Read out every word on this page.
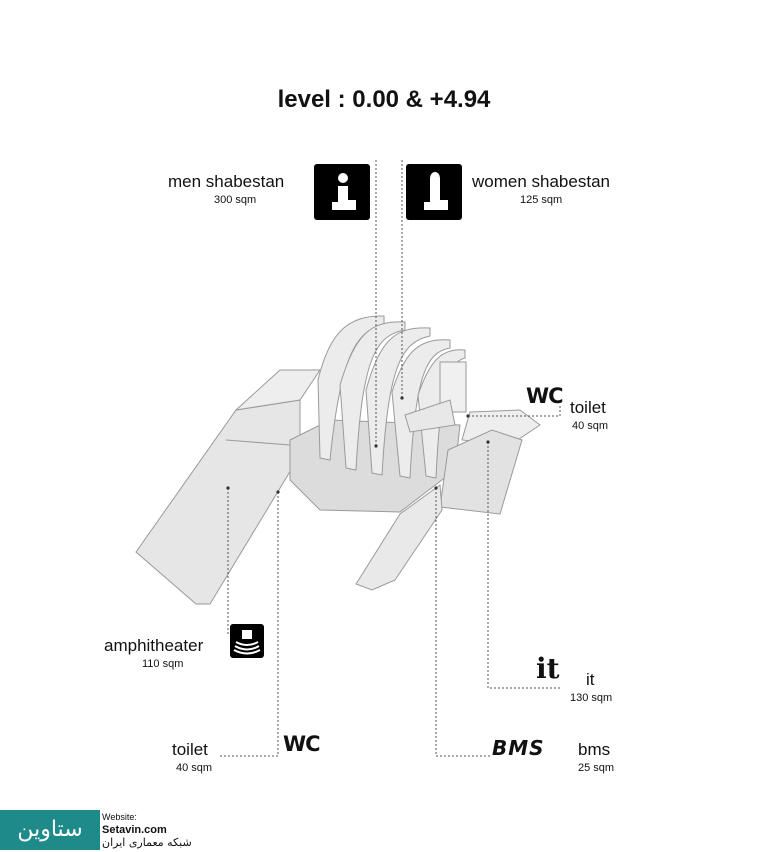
level : 0.00 & +4.94
men shabestan
300 sqm
women shabestan
125 sqm
WC toilet
40 sqm
amphitheater
110 sqm	it it
130 sqm
toilet
40 sqm
WC	BMS bms
25 sqm
ستاوین	Website:
Setavin.com
شبکه معماری ایران
